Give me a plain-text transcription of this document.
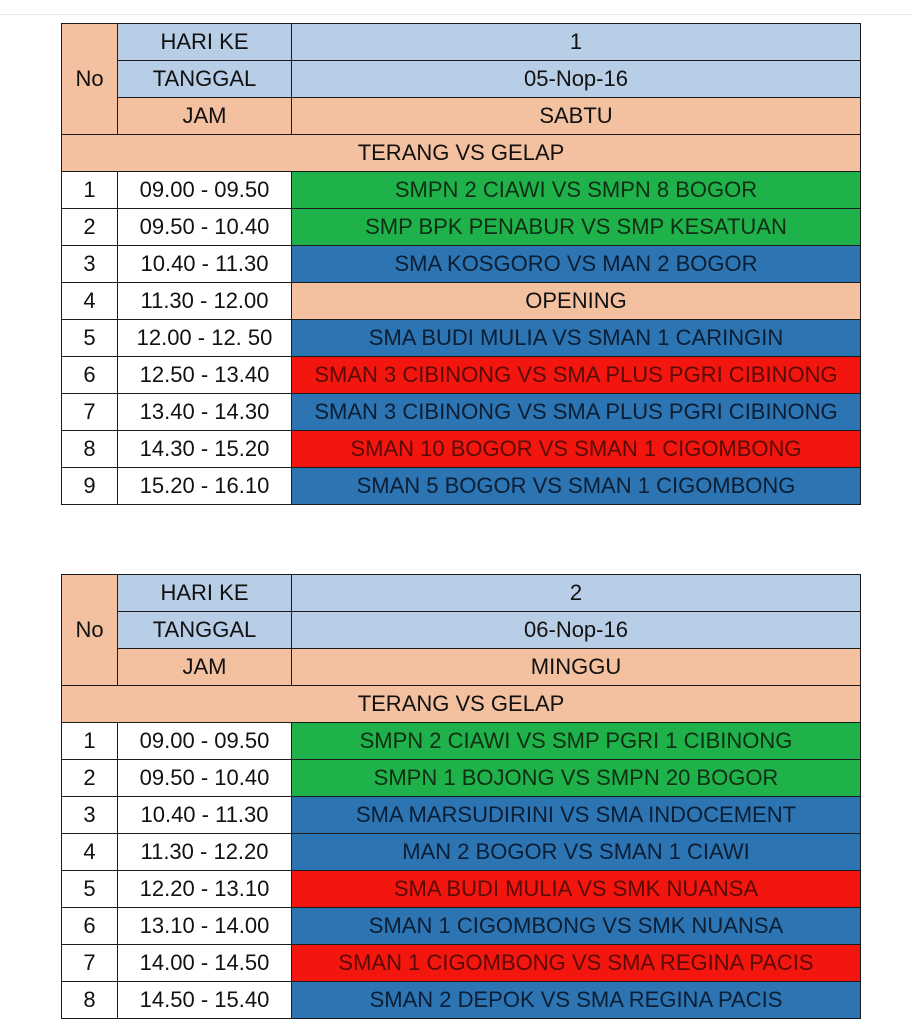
No	HARI KE	1
	TANGGAL	05-Nop-16
	JAM	SABTU
TERANG VS GELAP		
1	09.00 - 09.50	SMPN 2 CIAWI VS SMPN 8 BOGOR
2	09.50 - 10.40	SMP BPK PENABUR VS SMP KESATUAN
3	10.40 - 11.30	SMA KOSGORO VS MAN 2 BOGOR
4	11.30 - 12.00	OPENING
5	12.00 - 12. 50	SMA BUDI MULIA VS SMAN 1 CARINGIN
6	12.50 - 13.40	SMAN 3 CIBINONG VS SMA PLUS PGRI CIBINONG
7	13.40 - 14.30	SMAN 3 CIBINONG VS SMA PLUS PGRI CIBINONG
8	14.30 - 15.20	SMAN 10 BOGOR VS SMAN 1 CIGOMBONG
9	15.20 - 16.10	SMAN 5 BOGOR VS SMAN 1 CIGOMBONG
No	HARI KE	2
	TANGGAL	06-Nop-16
	JAM	MINGGU
TERANG VS GELAP		
1	09.00 - 09.50	SMPN 2 CIAWI VS SMP PGRI 1 CIBINONG
2	09.50 - 10.40	SMPN 1 BOJONG VS SMPN 20 BOGOR
3	10.40 - 11.30	SMA MARSUDIRINI VS SMA INDOCEMENT
4	11.30 - 12.20	MAN 2 BOGOR VS SMAN 1 CIAWI
5	12.20 - 13.10	SMA BUDI MULIA VS SMK NUANSA
6	13.10 - 14.00	SMAN 1 CIGOMBONG VS SMK NUANSA
7	14.00 - 14.50	SMAN 1 CIGOMBONG VS SMA REGINA PACIS
8	14.50 - 15.40	SMAN 2 DEPOK VS SMA REGINA PACIS
